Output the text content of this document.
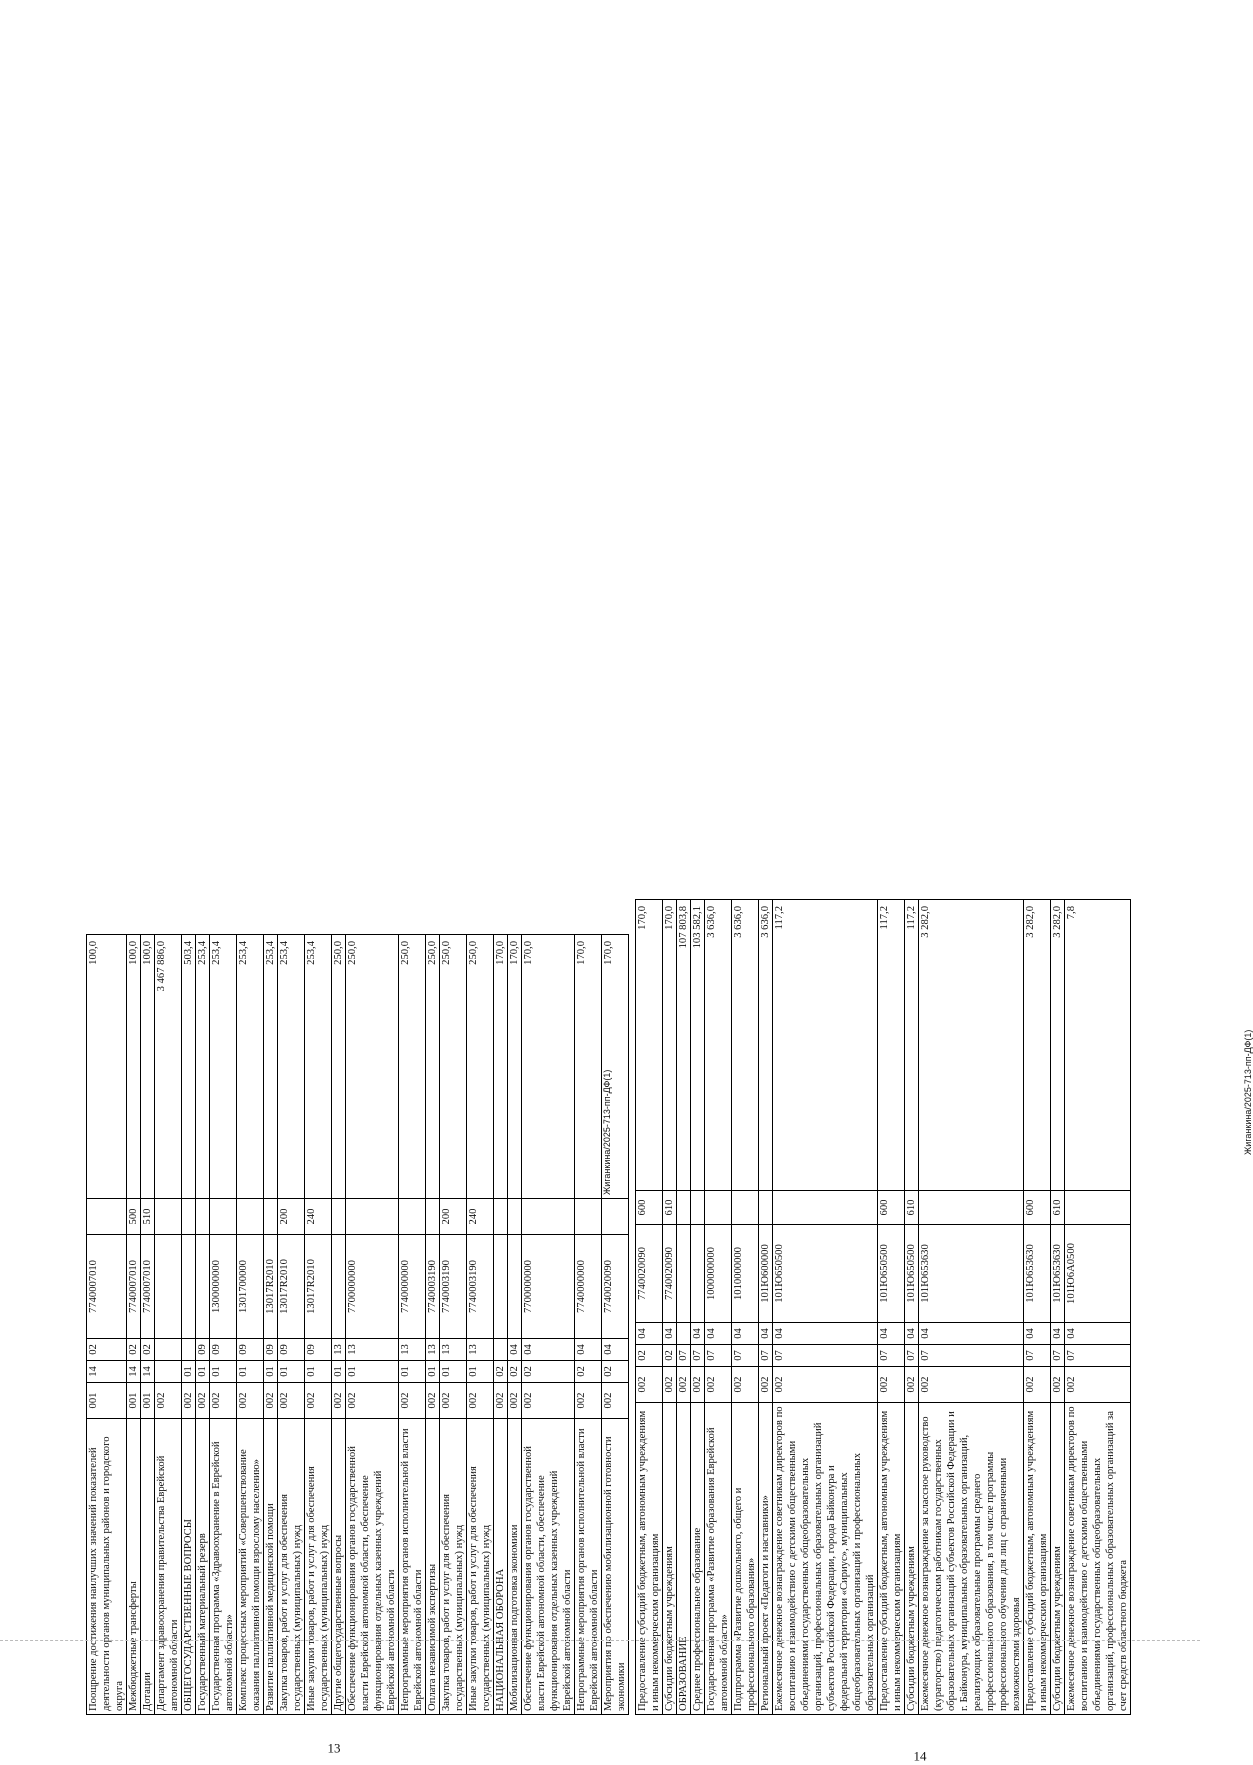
13
Поощрение достижения наилучших значений показателей деятельности органов муниципальных районов и городского округа	001	14	02	7740007010		100,0
Межбюджетные трансферты	001	14	02	7740007010	500	100,0
Дотации	001	14	02	7740007010	510	100,0
Департамент здравоохранения правительства Еврейской автономной области	002					3 467 886,0
ОБЩЕГОСУДАРСТВЕННЫЕ ВОПРОСЫ	002	01				503,4
Государственный материальный резерв	002	01	09			253,4
Государственная программа «Здравоохранение в Еврейской автономной области»	002	01	09	1300000000		253,4
Комплекс процессных мероприятий «Совершенствование оказания паллиативной помощи взрослому населению»	002	01	09	1301700000		253,4
Развитие паллиативной медицинской помощи	002	01	09	13017R2010		253,4
Закупка товаров, работ и услуг для обеспечения государственных (муниципальных) нужд	002	01	09	13017R2010	200	253,4
Иные закупки товаров, работ и услуг для обеспечения государственных (муниципальных) нужд	002	01	09	13017R2010	240	253,4
Другие общегосударственные вопросы	002	01	13			250,0
Обеспечение функционирования органов государственной власти Еврейской автономной области, обеспечение функционирования отдельных казенных учреждений Еврейской автономной области	002	01	13	7700000000		250,0
Непрограммные мероприятия органов исполнительной власти Еврейской автономной области	002	01	13	7740000000		250,0
Оплата независимой экспертизы	002	01	13	7740003190		250,0
Закупка товаров, работ и услуг для обеспечения государственных (муниципальных) нужд	002	01	13	7740003190	200	250,0
Иные закупки товаров, работ и услуг для обеспечения государственных (муниципальных) нужд	002	01	13	7740003190	240	250,0
НАЦИОНАЛЬНАЯ ОБОРОНА	002	02				170,0
Мобилизационная подготовка экономики	002	02	04			170,0
Обеспечение функционирования органов государственной власти Еврейской автономной области, обеспечение функционирования отдельных казенных учреждений Еврейской автономной области	002	02	04	7700000000		170,0
Непрограммные мероприятия органов исполнительной власти Еврейской автономной области	002	02	04	7740000000		170,0
Мероприятия по обеспечению мобилизационной готовности экономики	002	02	04	7740020090		170,0
Жиганкина/2025-713-пп-ДФ(1)
14
Предоставление субсидий бюджетным, автономным учреждениям и иным некоммерческим организациям	002	02	04	7740020090	600	170,0
Субсидии бюджетным учреждениям	002	02	04	7740020090	610	170,0
ОБРАЗОВАНИЕ	002	07				107 803,8
Среднее профессиональное образование	002	07	04			103 582,1
Государственная программа «Развитие образования Еврейской автономной области»	002	07	04	1000000000		3 636,0
Подпрограмма «Развитие дошкольного, общего и профессионального образования»	002	07	04	1010000000		3 636,0
Региональный проект «Педагоги и наставники»	002	07	04	101Ю600000		3 636,0
Ежемесячное денежное вознаграждение советникам директоров по воспитанию и взаимодействию с детскими общественными объединениями государственных общеобразовательных организаций, профессиональных образовательных организаций субъектов Российской Федерации, города Байконура и федеральной территории «Сириус», муниципальных общеобразовательных организаций и профессиональных образовательных организаций	002	07	04	101Ю650500		117,2
Предоставление субсидий бюджетным, автономным учреждениям и иным некоммерческим организациям	002	07	04	101Ю650500	600	117,2
Субсидии бюджетным учреждениям	002	07	04	101Ю650500	610	117,2
Ежемесячное денежное вознаграждение за классное руководство (кураторство) педагогическим работникам государственных образовательных организаций субъектов Российской Федерации и г. Байконура, муниципальных образовательных организаций, реализующих образовательные программы среднего профессионального образования, в том числе программы профессионального обучения для лиц с ограниченными возможностями здоровья	002	07	04	101Ю653630		3 282,0
Предоставление субсидий бюджетным, автономным учреждениям и иным некоммерческим организациям	002	07	04	101Ю653630	600	3 282,0
Субсидии бюджетным учреждениям	002	07	04	101Ю653630	610	3 282,0
Ежемесячное денежное вознаграждение советникам директоров по воспитанию и взаимодействию с детскими общественными объединениями государственных общеобразовательных организаций, профессиональных образовательных организаций за счет средств областного бюджета	002	07	04	101Ю6А0500		7,8
Жиганкина/2025-713-пп-ДФ(1)
